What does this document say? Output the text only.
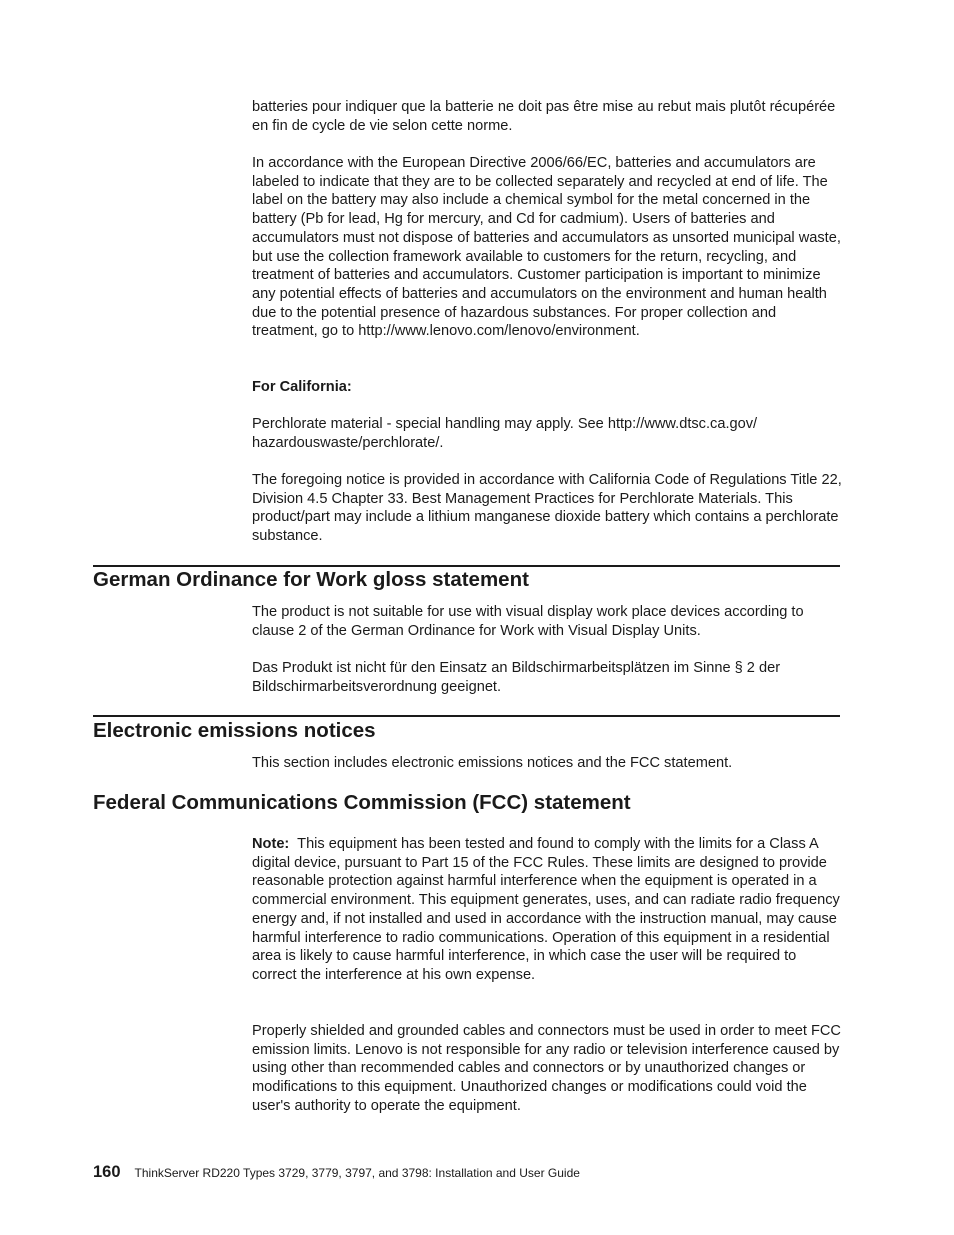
batteries pour indiquer que la batterie ne doit pas être mise au rebut mais plutôt récupérée en fin de cycle de vie selon cette norme.

In accordance with the European Directive 2006/66/EC, batteries and accumulators are labeled to indicate that they are to be collected separately and recycled at end of life. The label on the battery may also include a chemical symbol for the metal concerned in the battery (Pb for lead, Hg for mercury, and Cd for cadmium). Users of batteries and accumulators must not dispose of batteries and accumulators as unsorted municipal waste, but use the collection framework available to customers for the return, recycling, and treatment of batteries and accumulators. Customer participation is important to minimize any potential effects of batteries and accumulators on the environment and human health due to the potential presence of hazardous substances. For proper collection and treatment, go to http://www.lenovo.com/lenovo/environment.

For California:

Perchlorate material - special handling may apply. See http://www.dtsc.ca.gov/ hazardouswaste/perchlorate/.

The foregoing notice is provided in accordance with California Code of Regulations Title 22, Division 4.5 Chapter 33. Best Management Practices for Perchlorate Materials. This product/part may include a lithium manganese dioxide battery which contains a perchlorate substance.

German Ordinance for Work gloss statement

The product is not suitable for use with visual display work place devices according to clause 2 of the German Ordinance for Work with Visual Display Units.

Das Produkt ist nicht für den Einsatz an Bildschirmarbeitsplätzen im Sinne § 2 der Bildschirmarbeitsverordnung geeignet.

Electronic emissions notices

This section includes electronic emissions notices and the FCC statement.

Federal Communications Commission (FCC) statement

Note: This equipment has been tested and found to comply with the limits for a Class A digital device, pursuant to Part 15 of the FCC Rules. These limits are designed to provide reasonable protection against harmful interference when the equipment is operated in a commercial environment. This equipment generates, uses, and can radiate radio frequency energy and, if not installed and used in accordance with the instruction manual, may cause harmful interference to radio communications. Operation of this equipment in a residential area is likely to cause harmful interference, in which case the user will be required to correct the interference at his own expense.

Properly shielded and grounded cables and connectors must be used in order to meet FCC emission limits. Lenovo is not responsible for any radio or television interference caused by using other than recommended cables and connectors or by unauthorized changes or modifications to this equipment. Unauthorized changes or modifications could void the user's authority to operate the equipment.

160 ThinkServer RD220 Types 3729, 3779, 3797, and 3798: Installation and User Guide
